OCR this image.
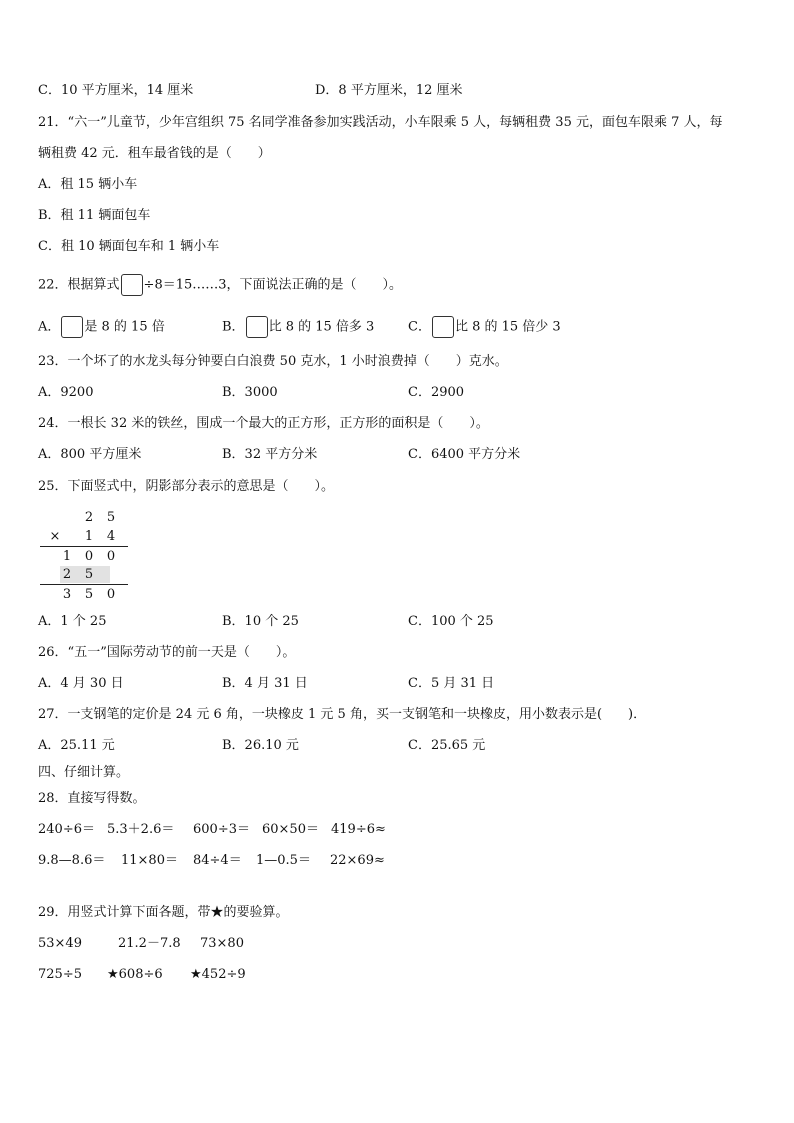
C．10 平方厘米，14 厘米	D．8 平方厘米，12 厘米
21．“六一”儿童节，少年宫组织 75 名同学准备参加实践活动，小车限乘 5 人，每辆租费 35 元，面包车限乘 7 人，每
辆租费 42 元．租车最省钱的是（　　）
A．租 15 辆小车
B．租 11 辆面包车
C．租 10 辆面包车和 1 辆小车
22．根据算式 ÷8＝15……3，下面说法正确的是（　　）。
A． 是 8 的 15 倍	B． 比 8 的 15 倍多 3	C． 比 8 的 15 倍少 3
23．一个坏了的水龙头每分钟要白白浪费 50 克水，1 小时浪费掉（　　）克水。
A．9200	B．3000	C．2900
24．一根长 32 米的铁丝，围成一个最大的正方形，正方形的面积是（　　）。
A．800 平方厘米	B．32 平方分米	C．6400 平方分米
25．下面竖式中，阴影部分表示的意思是（　　）。
2 5
× 1 4
1 0 0
2 5
3 5 0
A．1 个 25	B．10 个 25	C．100 个 25
26．“五一”国际劳动节的前一天是（　　）。
A．4 月 30 日	B．4 月 31 日	C．5 月 31 日
27．一支钢笔的定价是 24 元 6 角，一块橡皮 1 元 5 角，买一支钢笔和一块橡皮，用小数表示是(　　)．
A．25.11 元	B．26.10 元	C．25.65 元
四、仔细计算。
28．直接写得数。
240÷6＝ 5.3＋2.6＝ 600÷3＝ 60×50＝ 419÷6≈
9.8—8.6＝ 11×80＝ 84÷4＝ 1—0.5＝ 22×69≈
29．用竖式计算下面各题，带★的要验算。
53×49	21.2－7.8 73×80
725÷5 ★608÷6 ★452÷9
